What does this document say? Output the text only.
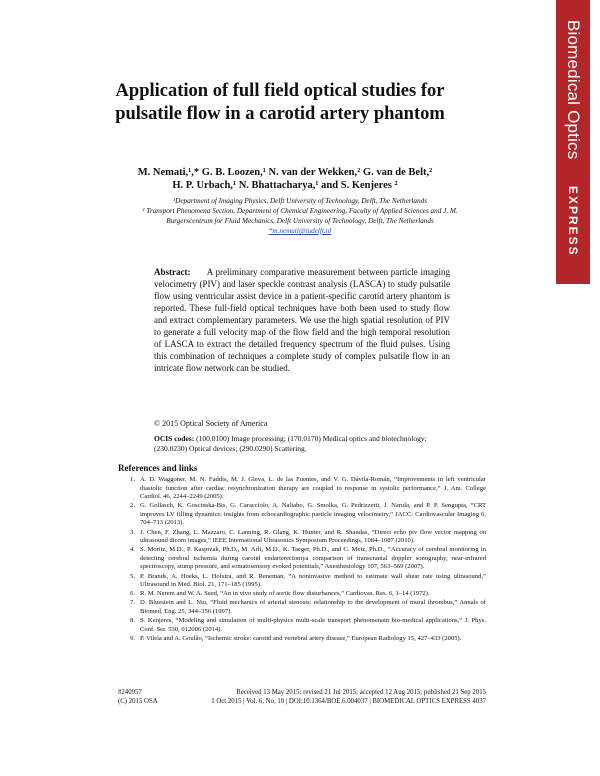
Biomedical Optics
EXPRESS
Application of full field optical studies for pulsatile flow in a carotid artery phantom
M. Nemati,¹,* G. B. Loozen,¹ N. van der Wekken,² G. van de Belt,²
H. P. Urbach,¹ N. Bhattacharya,¹ and S. Kenjeres ²
¹Department of Imaging Physics, Delft University of Technology, Delft, The Netherlands
² Transport Phenomena Section, Department of Chemical Engineering, Faculty of Applied Sciences and J. M. Burgerscentrum for Fluid Mechanics, Delft University of Technology, Delft, The Netherlands
*m.nemati@tudelft.nl

Abstract: A preliminary comparative measurement between particle imaging velocimetry (PIV) and laser speckle contrast analysis (LASCA) to study pulsatile flow using ventricular assist device in a patient-specific carotid artery phantom is reported. These full-field optical techniques have both been used to study flow and extract complementary parameters. We use the high spatial resolution of PIV to generate a full velocity map of the flow field and the high temporal resolution of LASCA to extract the detailed frequency spectrum of the fluid pulses. Using this combination of techniques a complete study of complex pulsatile flow in an intricate flow network can be studied.

© 2015 Optical Society of America
OCIS codes: (100.0100) Image processing; (170.0170) Medical optics and biotechnology; (230.0230) Optical devices; (290.0290) Scattering.
References and links
1. A. D. Waggoner, M. N. Faddis, M. J. Gleva, L. de las Fuentes, and V. G. Dávila-Román, “Improvements in left ventricular diastolic function after cardiac resynchronization therapy are coupled to response in systolic performance,” J. Am. College Cardiol. 46, 2244–2249 (2005).
2. G. Gollasch, K. Goscinska-Bis, G. Caracciolo, A. Naliabo, G. Smolka, G. Pedrizzetti, J. Narula, and P. P. Sengupta, “CRT improves LV filling dynamics: insights from echocardiographic particle imaging velocimetry,” JACC: Cardiovascular Imaging 6, 704–713 (2013).
3. J. Chen, F. Zhang, L. Mazzaro, C. Lanning, R. Glang, K. Hunter, and R. Shandas, “Direct echo piv flow vector mapping on ultrasound dicom images,” IEEE International Ultrasonics Symposium Proceedings, 1084–1087 (2010).
4. S. Moritz, M.D., P. Kasprzak, Ph.D., M. Arlt, M.D., K. Taeger, Ph.D., and C. Metz, Ph.D., “Accuracy of cerebral monitoring in detecting cerebral ischemia during carotid endarterectomya comparison of transcranial doppler sonography, near-infrared spectroscopy, stump pressure, and somatosensory evoked potentials,” Anesthesiology 107, 563–569 (2007).
5. P. Brands, A. Hoeks, L. Hofstra, and R. Reneman, “A noninvasive method to estimate wall shear rate using ultrasound,” Ultrasound in Med. Biol. 21, 171–185 (1995).
6. R. M. Nerem and W. A. Seed, “An in vivo study of aortic flow disturbances,” Cardiovas. Res. 6, 1–14 (1972).
7. D. Bluestein and L. Niu, “Fluid mechanics of arterial stenosis: relationship to the development of mural thrombus,” Annals of Biomed. Eng. 25, 344–356 (1997).
8. S. Kenjeres, “Modeling and simulation of multi-physics multi-scale transport phenomenain bio-medical applications,” J. Phys. Conf. Ser. 530, 012006 (2014).
9. P. Vilela and A. Goulão, “Ischemic stroke: carotid and vertebral artery disease,” European Radiology 15, 427–433 (2005).
#240957	Received 13 May 2015; revised 21 Jul 2015; accepted 12 Aug 2015; published 21 Sep 2015
(C) 2015 OSA	1 Oct 2015 | Vol. 6, No. 10 | DOI:10.1364/BOE.6.004037 | BIOMEDICAL OPTICS EXPRESS 4037
